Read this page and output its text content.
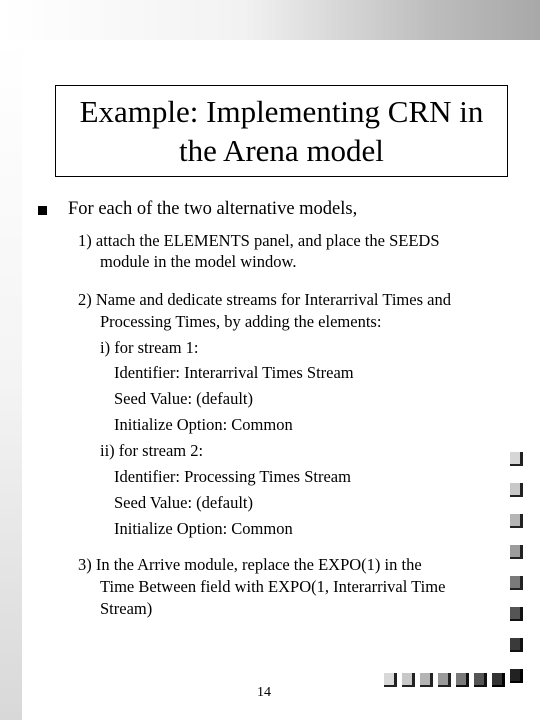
Example: Implementing CRN in
the Arena model
For each of the two alternative models,
1) attach the ELEMENTS panel, and place the SEEDS
module in the model window.
2) Name and dedicate streams for Interarrival Times and
Processing Times, by adding the elements:
i) for stream 1:
Identifier: Interarrival Times Stream
Seed Value: (default)
Initialize Option: Common
ii) for stream 2:
Identifier: Processing Times Stream
Seed Value: (default)
Initialize Option: Common
3) In the Arrive module, replace the EXPO(1) in the
Time Between field with EXPO(1, Interarrival Time
Stream)
14
